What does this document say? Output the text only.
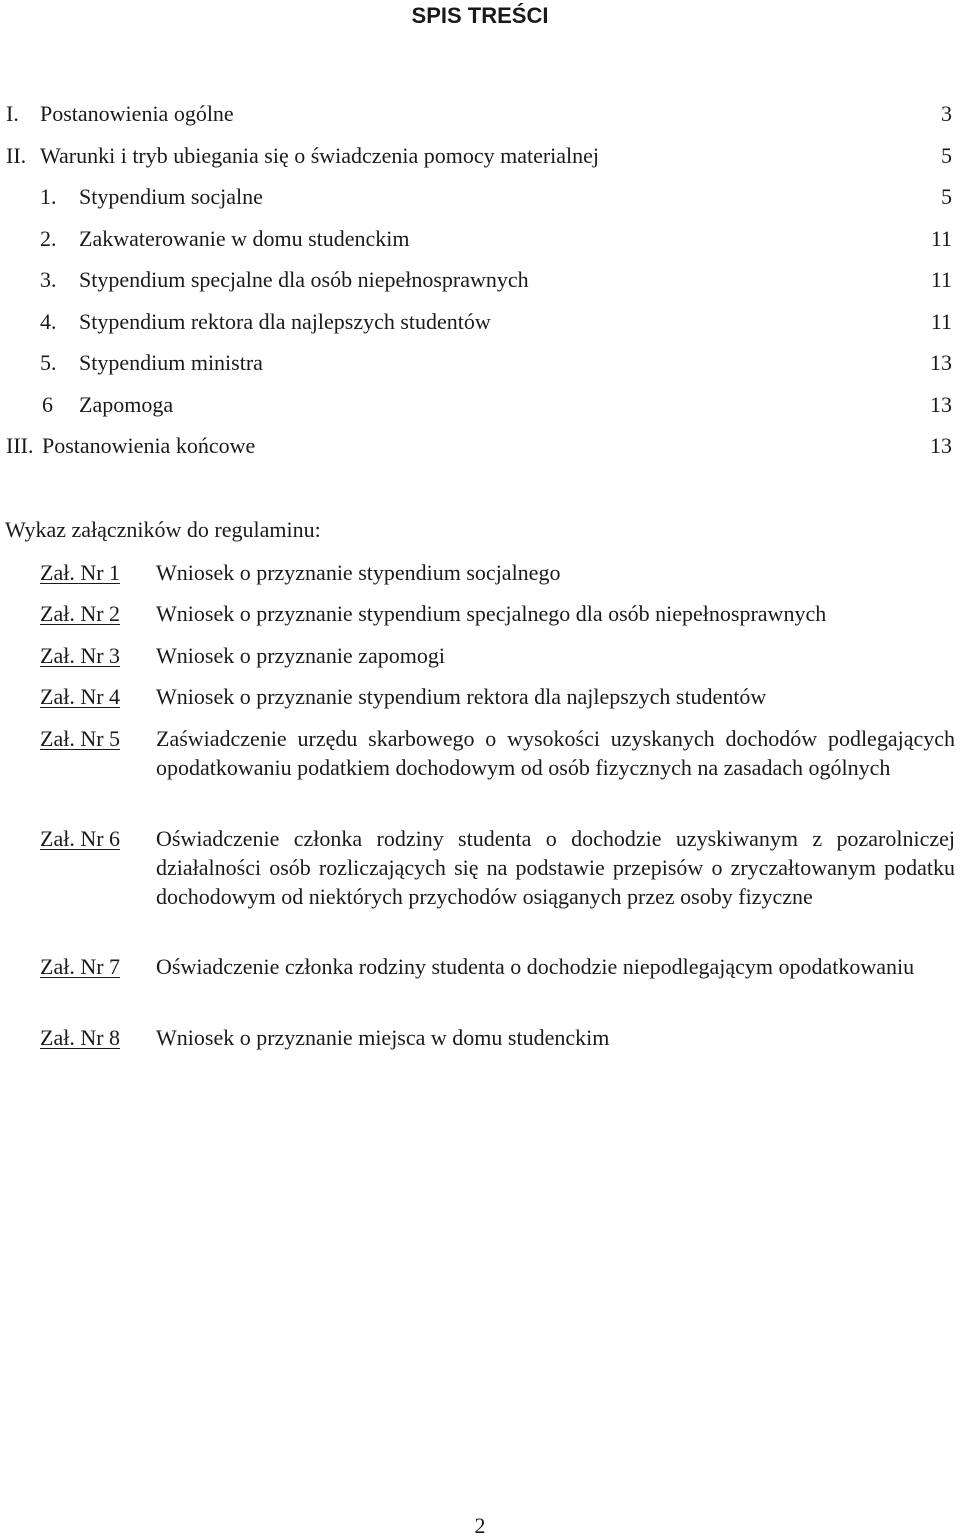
SPIS TREŚCI
I. Postanowienia ogólne	3
II. Warunki i tryb ubiegania się o świadczenia pomocy materialnej	5
1. Stypendium socjalne	5
2. Zakwaterowanie w domu studenckim	11
3. Stypendium specjalne dla osób niepełnosprawnych	11
4. Stypendium rektora dla najlepszych studentów	11
5. Stypendium ministra	13
6 Zapomoga	13
III. Postanowienia końcowe	13
Wykaz załączników do regulaminu:
Zał. Nr 1 Wniosek o przyznanie stypendium socjalnego
Zał. Nr 2 Wniosek o przyznanie stypendium specjalnego dla osób niepełnosprawnych
Zał. Nr 3 Wniosek o przyznanie zapomogi
Zał. Nr 4 Wniosek o przyznanie stypendium rektora dla najlepszych studentów
Zał. Nr 5 Zaświadczenie urzędu skarbowego o wysokości uzyskanych dochodów podlegających opodatkowaniu podatkiem dochodowym od osób fizycznych na zasadach ogólnych
Zał. Nr 6 Oświadczenie członka rodziny studenta o dochodzie uzyskiwanym z pozarolniczej działalności osób rozliczających się na podstawie przepisów o zryczałtowanym podatku dochodowym od niektórych przychodów osiąganych przez osoby fizyczne
Zał. Nr 7 Oświadczenie członka rodziny studenta o dochodzie niepodlegającym opodatkowaniu
Zał. Nr 8 Wniosek o przyznanie miejsca w domu studenckim
2
